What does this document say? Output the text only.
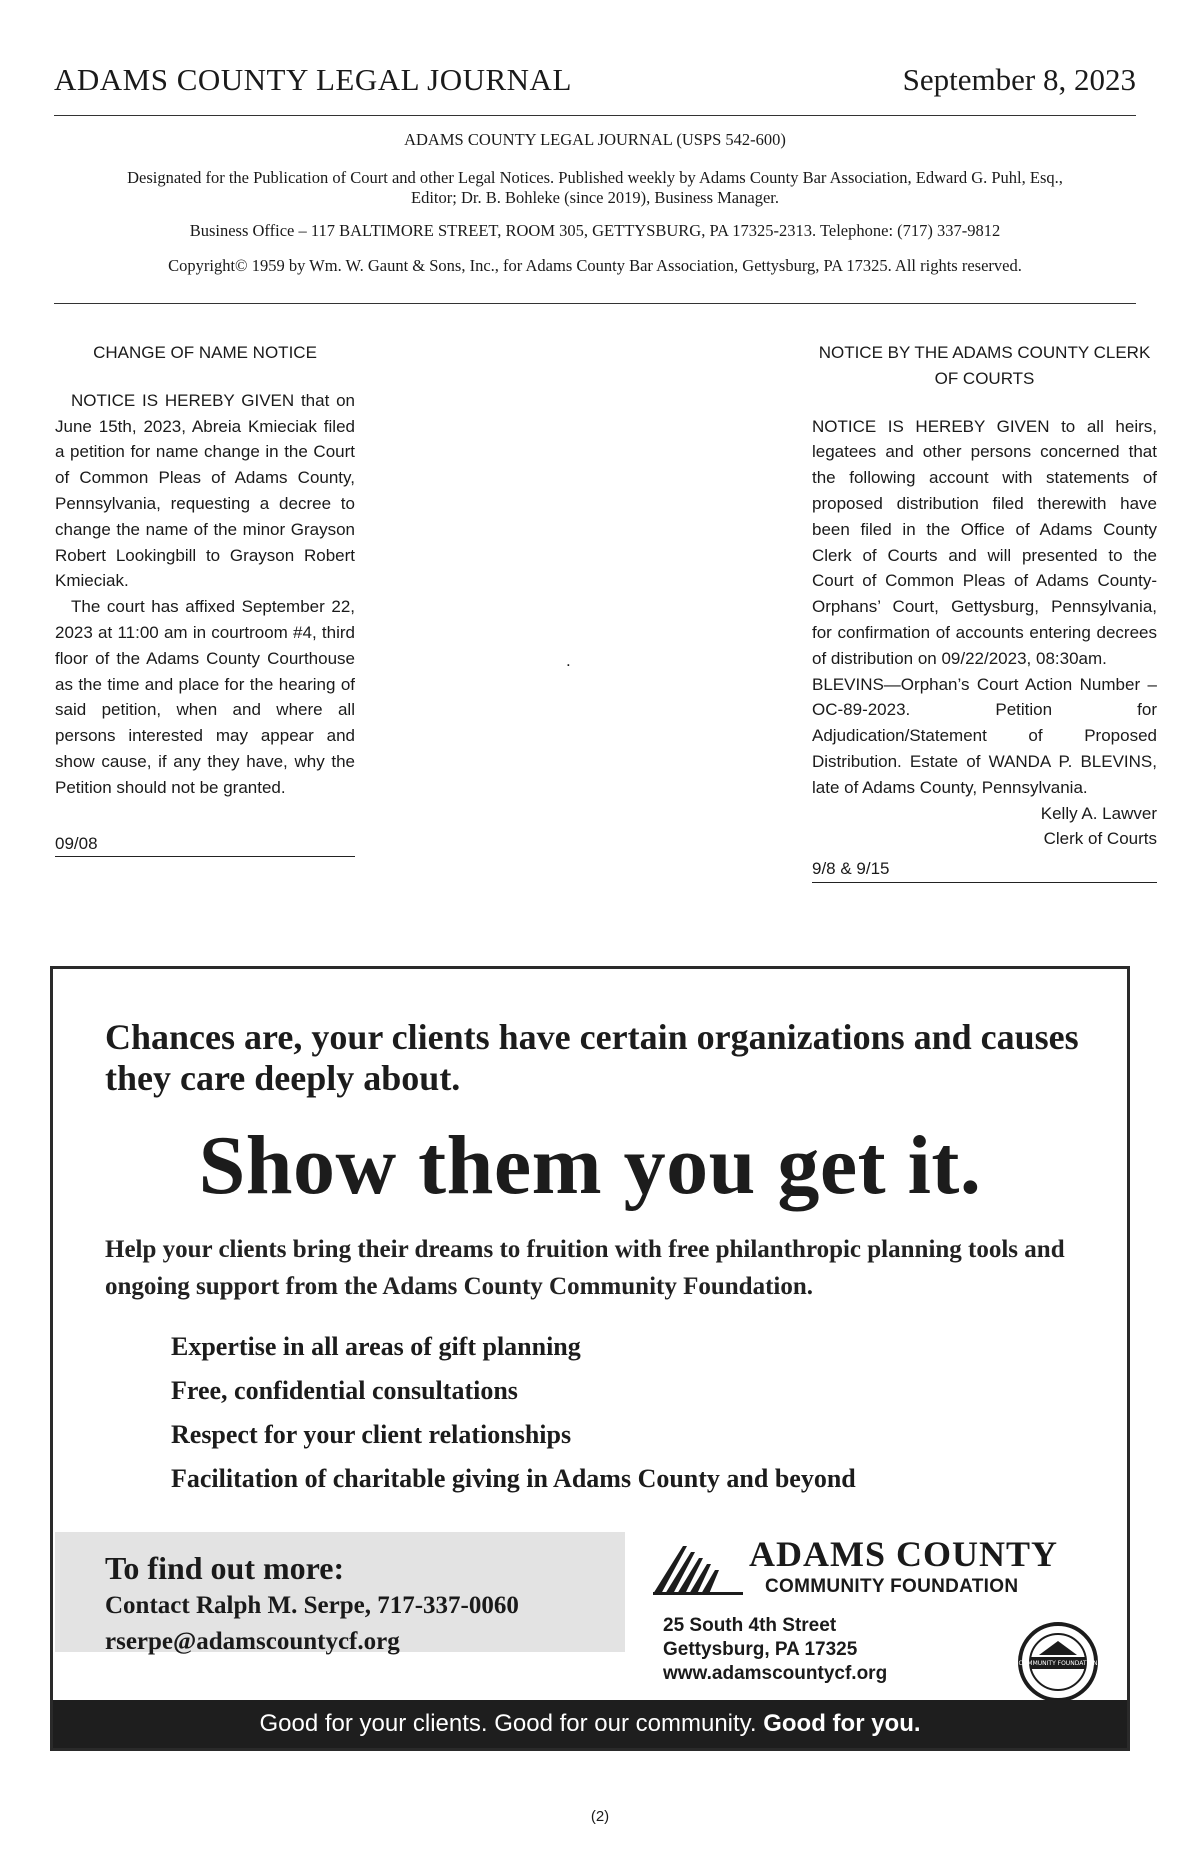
ADAMS COUNTY LEGAL JOURNAL	September 8, 2023

ADAMS COUNTY LEGAL JOURNAL (USPS 542-600)

Designated for the Publication of Court and other Legal Notices. Published weekly by Adams County Bar Association, Edward G. Puhl, Esq., Editor; Dr. B. Bohleke (since 2019), Business Manager.

Business Office – 117 BALTIMORE STREET, ROOM 305, GETTYSBURG, PA 17325-2313. Telephone: (717) 337-9812

Copyright© 1959 by Wm. W. Gaunt & Sons, Inc., for Adams County Bar Association, Gettysburg, PA 17325. All rights reserved.

CHANGE OF NAME NOTICE

NOTICE IS HEREBY GIVEN that on June 15th, 2023, Abreia Kmieciak filed a petition for name change in the Court of Common Pleas of Adams County, Pennsylvania, requesting a decree to change the name of the minor Grayson Robert Lookingbill to Grayson Robert Kmieciak.

The court has affixed September 22, 2023 at 11:00 am in courtroom #4, third floor of the Adams County Courthouse as the time and place for the hearing of said petition, when and where all persons interested may appear and show cause, if any they have, why the Petition should not be granted.

09/08
.
NOTICE BY THE ADAMS COUNTY CLERK OF COURTS

NOTICE IS HEREBY GIVEN to all heirs, legatees and other persons concerned that the following account with statements of proposed distribution filed therewith have been filed in the Office of Adams County Clerk of Courts and will presented to the Court of Common Pleas of Adams County-Orphans’ Court, Gettysburg, Pennsylvania, for confirmation of accounts entering decrees of distribution on 09/22/2023, 08:30am.

BLEVINS—Orphan’s Court Action Number – OC-89-2023. Petition for Adjudication/Statement of Proposed Distribution. Estate of WANDA P. BLEVINS, late of Adams County, Pennsylvania.

Kelly A. Lawver
Clerk of Courts
9/8 & 9/15
Chances are, your clients have certain organizations and causes they care deeply about.
Show them you get it.
Help your clients bring their dreams to fruition with free philanthropic planning tools and ongoing support from the Adams County Community Foundation.
Expertise in all areas of gift planning
Free, confidential consultations
Respect for your client relationships
Facilitation of charitable giving in Adams County and beyond
To find out more:
Contact Ralph M. Serpe, 717-337-0060
rserpe@adamscountycf.org
ADAMS COUNTY
COMMUNITY FOUNDATION
25 South 4th Street
Gettysburg, PA 17325
www.adamscountycf.org	COMMUNITY FOUNDATION
Good for your clients. Good for our community. Good for you.
(2)
